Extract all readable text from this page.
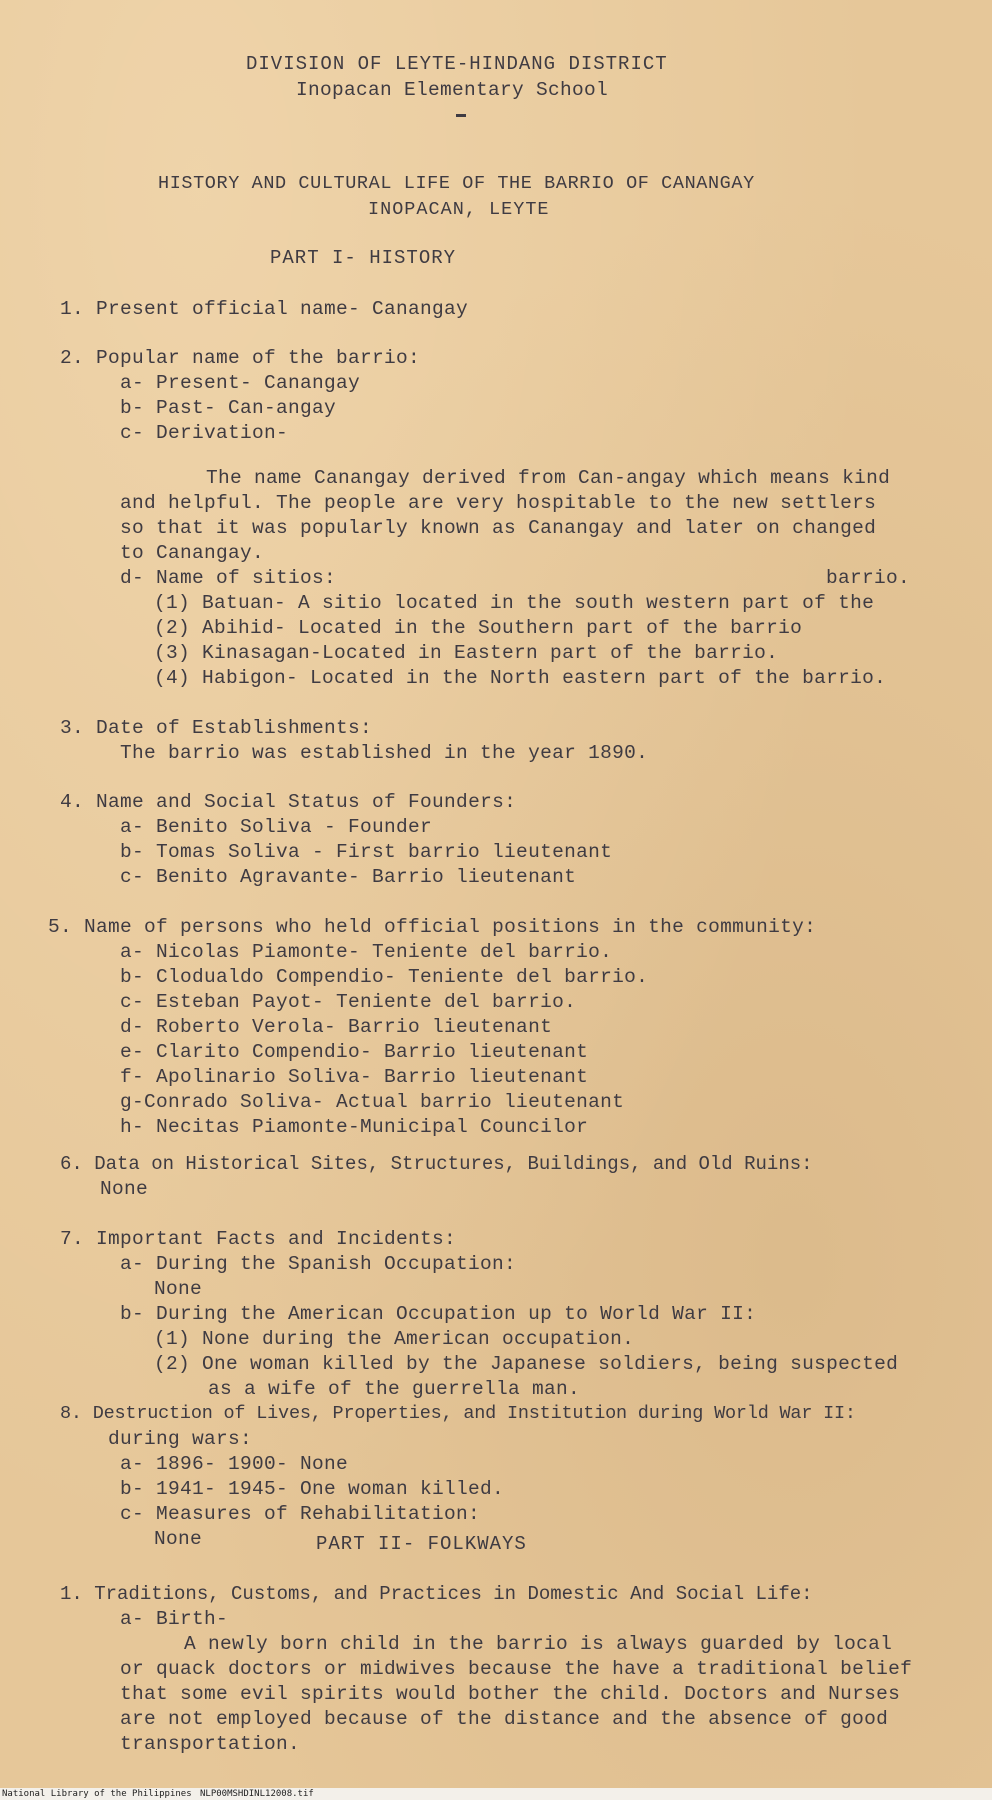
DIVISION OF LEYTE-HINDANG DISTRICT
Inopacan Elementary School
HISTORY AND CULTURAL LIFE OF THE BARRIO OF CANANGAY
INOPACAN, LEYTE
PART I- HISTORY
1. Present official name- Canangay
2. Popular name of the barrio:
a- Present- Canangay
b- Past- Can-angay
c- Derivation-
The name Canangay derived from Can-angay which means kind
and helpful. The people are very hospitable to the new settlers
so that it was popularly known as Canangay and later on changed
to Canangay.
d- Name of sitios:	barrio.
(1) Batuan- A sitio located in the south western part of the
(2) Abihid- Located in the Southern part of the barrio
(3) Kinasagan-Located in Eastern part of the barrio.
(4) Habigon- Located in the North eastern part of the barrio.
3. Date of Establishments:
The barrio was established in the year 1890.
4. Name and Social Status of Founders:
a- Benito Soliva - Founder
b- Tomas Soliva - First barrio lieutenant
c- Benito Agravante- Barrio lieutenant
5. Name of persons who held official positions in the community:
a- Nicolas Piamonte- Teniente del barrio.
b- Clodualdo Compendio- Teniente del barrio.
c- Esteban Payot- Teniente del barrio.
d- Roberto Verola- Barrio lieutenant
e- Clarito Compendio- Barrio lieutenant
f- Apolinario Soliva- Barrio lieutenant
g-Conrado Soliva- Actual barrio lieutenant
h- Necitas Piamonte-Municipal Councilor
6. Data on Historical Sites, Structures, Buildings, and Old Ruins:
None
7. Important Facts and Incidents:
a- During the Spanish Occupation:
None
b- During the American Occupation up to World War II:
(1) None during the American occupation.
(2) One woman killed by the Japanese soldiers, being suspected
as a wife of the guerrella man.
8. Destruction of Lives, Properties, and Institution during World War II:
during wars:
a- 1896- 1900- None
b- 1941- 1945- One woman killed.
c- Measures of Rehabilitation:
None	PART II- FOLKWAYS
1. Traditions, Customs, and Practices in Domestic And Social Life:
a- Birth-
A newly born child in the barrio is always guarded by local
or quack doctors or midwives because the have a traditional belief
that some evil spirits would bother the child. Doctors and Nurses
are not employed because of the distance and the absence of good
transportation.
National Library of the Philippines NLP00MSHDINL12008.tif
